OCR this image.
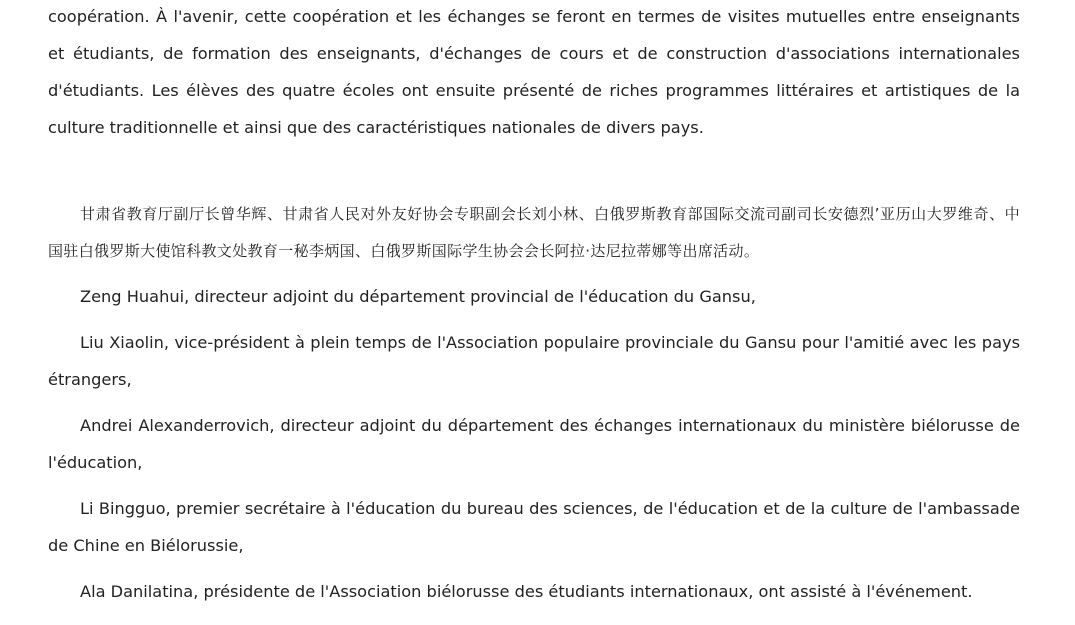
coopération. À l'avenir, cette coopération et les échanges se feront en termes de visites mutuelles entre enseignants et étudiants, de formation des enseignants, d'échanges de cours et de construction d'associations internationales d'étudiants. Les élèves des quatre écoles ont ensuite présenté de riches programmes littéraires et artistiques de la culture traditionnelle et ainsi que des caractéristiques nationales de divers pays.

甘肃省教育厅副厅长曾华辉、甘肃省人民对外友好协会专职副会长刘小林、白俄罗斯教育部国际交流司副司长安德烈’亚历山大罗维奇、中国驻白俄罗斯大使馆科教文处教育一秘李炳国、白俄罗斯国际学生协会会长阿拉·达尼拉蒂娜等出席活动。

Zeng Huahui, directeur adjoint du département provincial de l'éducation du Gansu,

Liu Xiaolin, vice-président à plein temps de l'Association populaire provinciale du Gansu pour l'amitié avec les pays étrangers,

Andrei Alexanderrovich, directeur adjoint du département des échanges internationaux du ministère biélorusse de l'éducation,

Li Bingguo, premier secrétaire à l'éducation du bureau des sciences, de l'éducation et de la culture de l'ambassade de Chine en Biélorussie,

Ala Danilatina, présidente de l'Association biélorusse des étudiants internationaux, ont assisté à l'événement.
